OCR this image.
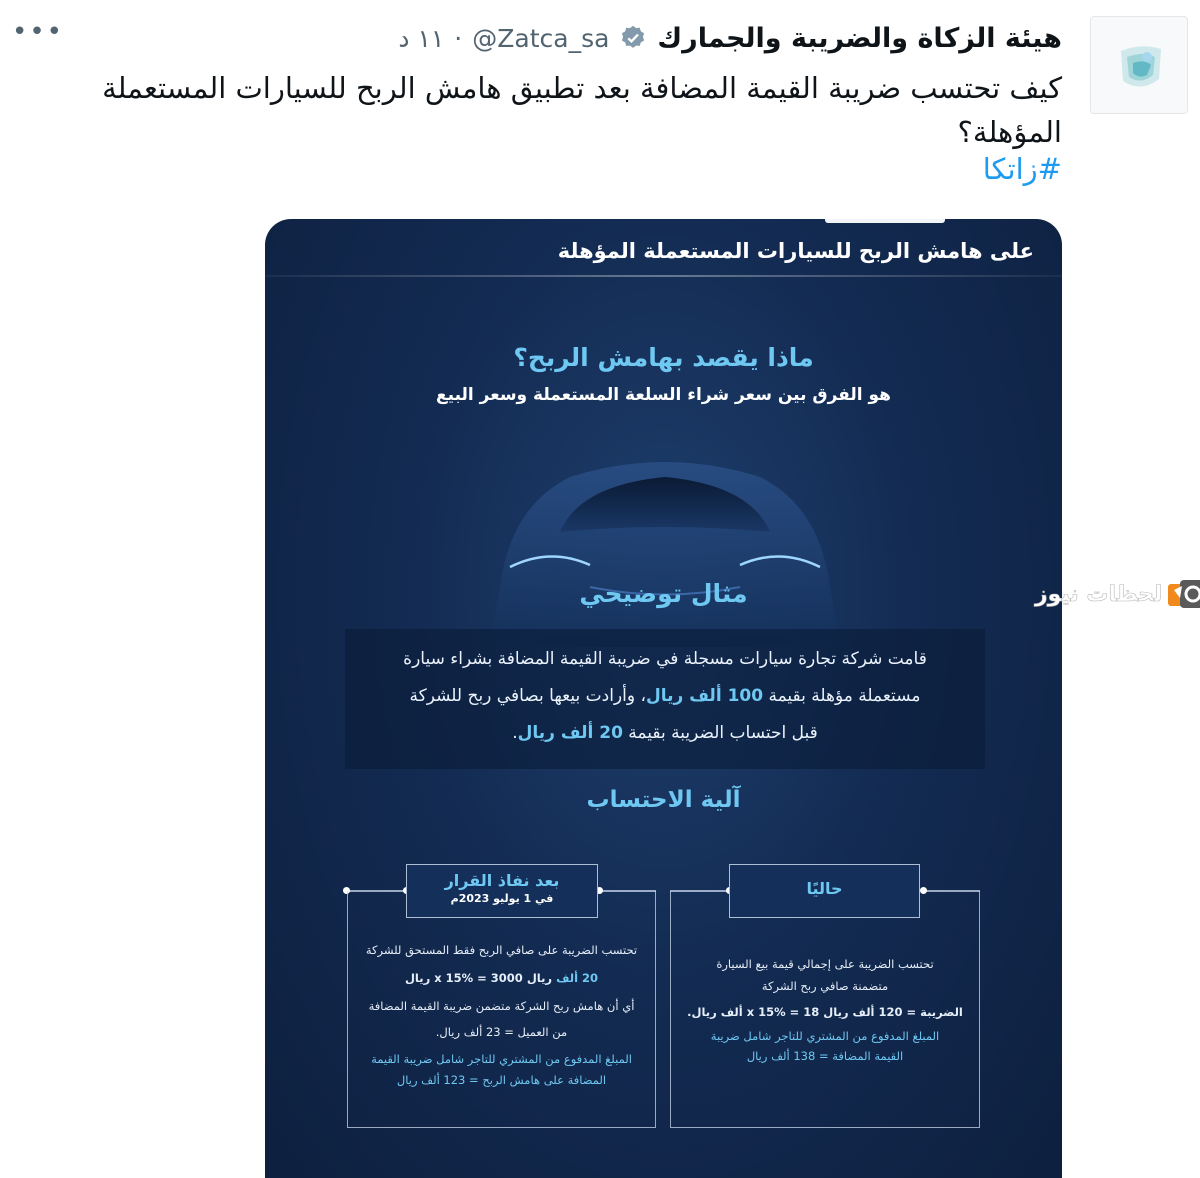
•••	هيئة الزكاة والضريبة والجمارك
@Zatca_sa
·
١١ د
كيف تحتسب ضريبة القيمة المضافة بعد تطبيق هامش الربح للسيارات المستعملة المؤهلة؟
#زاتكا
على هامش الربح للسيارات المستعملة المؤهلة
ماذا يقصد بهامش الربح؟
هو الفرق بين سعر شراء السلعة المستعملة وسعر البيع
مثال توضيحي
قامت شركة تجارة سيارات مسجلة في ضريبة القيمة المضافة بشراء سيارة
مستعملة مؤهلة بقيمة 100 ألف ريال، وأرادت بيعها بصافي ربح للشركة
قبل احتساب الضريبة بقيمة 20 ألف ريال.
آلية الاحتساب
تحتسب الضريبة على صافي الربح فقط المستحق للشركة
20 ألف ريال x 15% = 3000 ريال
أي أن هامش ربح الشركة متضمن ضريبة القيمة المضافة
من العميل = 23 ألف ريال.
المبلغ المدفوع من المشتري للتاجر شامل ضريبة القيمة
المضافة على هامش الربح = 123 ألف ريال
بعد نفاذ القرار
في 1 يوليو 2023م
تحتسب الضريبة على إجمالي قيمة بيع السيارة
متضمنة صافي ربح الشركة
الضريبة = 120 ألف ريال x 15% = 18 ألف ريال.
المبلغ المدفوع من المشتري للتاجر شامل ضريبة
القيمة المضافة = 138 ألف ريال
حاليًا
لحظات نيوز
